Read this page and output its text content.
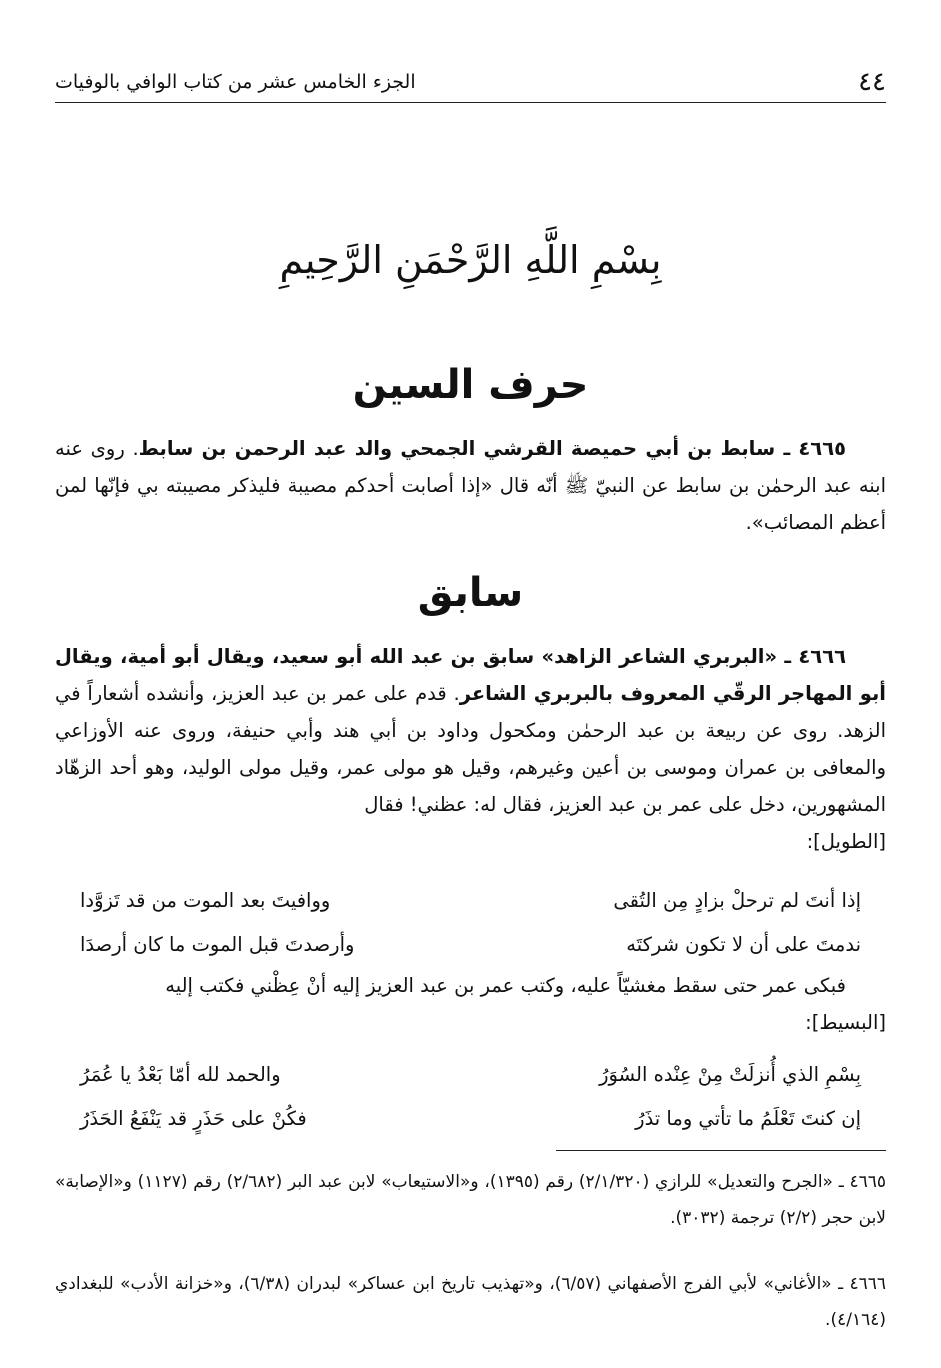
٤٤
الجزء الخامس عشر من كتاب الوافي بالوفيات
بِسْمِ اللَّهِ الرَّحْمَنِ الرَّحِيمِ
حرف السين
٤٦٦٥ ـ سابط بن أبي حميصة القرشي الجمحي والد عبد الرحمن بن سابط. روى عنه ابنه عبد الرحمٰن بن سابط عن النبيّ ﷺ أنّه قال «إذا أصابت أحدكم مصيبة فليذكر مصيبته بي فإنّها لمن أعظم المصائب».
سابق
٤٦٦٦ ـ «البربري الشاعر الزاهد» سابق بن عبد الله أبو سعيد، ويقال أبو أمية، ويقال أبو المهاجر الرقّي المعروف بالبربري الشاعر. قدم على عمر بن عبد العزيز، وأنشده أشعاراً في الزهد. روى عن ربيعة بن عبد الرحمٰن ومكحول وداود بن أبي هند وأبي حنيفة، وروى عنه الأوزاعي والمعافى بن عمران وموسى بن أعين وغيرهم، وقيل هو مولى عمر، وقيل مولى الوليد، وهو أحد الزهّاد المشهورين، دخل على عمر بن عبد العزيز، فقال له: عظني! فقال
[الطويل]:
إذا أنتَ لم ترحلْ بزادٍ مِن التُقى
ووافيتَ بعد الموت من قد تَزوَّدا
ندمتَ على أن لا تكون شركتَه
وأرصدتَ قبل الموت ما كان أرصدَا
فبكى عمر حتى سقط مغشيّاً عليه، وكتب عمر بن عبد العزيز إليه أنْ عِظْني فكتب إليه
[البسيط]:
بِسْمِ الذي أُنزلَتْ مِنْ عِنْده السُوَرُ
والحمد لله أمّا بَعْدُ يا عُمَرُ
إن كنتَ تَعْلَمُ ما تأتي وما تذَرُ
فكُنْ على حَذَرٍ قد يَنْفَعُ الحَذَرُ
٤٦٦٥ ـ «الجرح والتعديل» للرازي (٢/١/٣٢٠) رقم (١٣٩٥)، و«الاستيعاب» لابن عبد البر (٢/٦٨٢) رقم (١١٢٧) و«الإصابة» لابن حجر (٢/٢) ترجمة (٣٠٣٢).
٤٦٦٦ ـ «الأغاني» لأبي الفرج الأصفهاني (٦/٥٧)، و«تهذيب تاريخ ابن عساكر» لبدران (٦/٣٨)، و«خزانة الأدب» للبغدادي (٤/١٦٤).
